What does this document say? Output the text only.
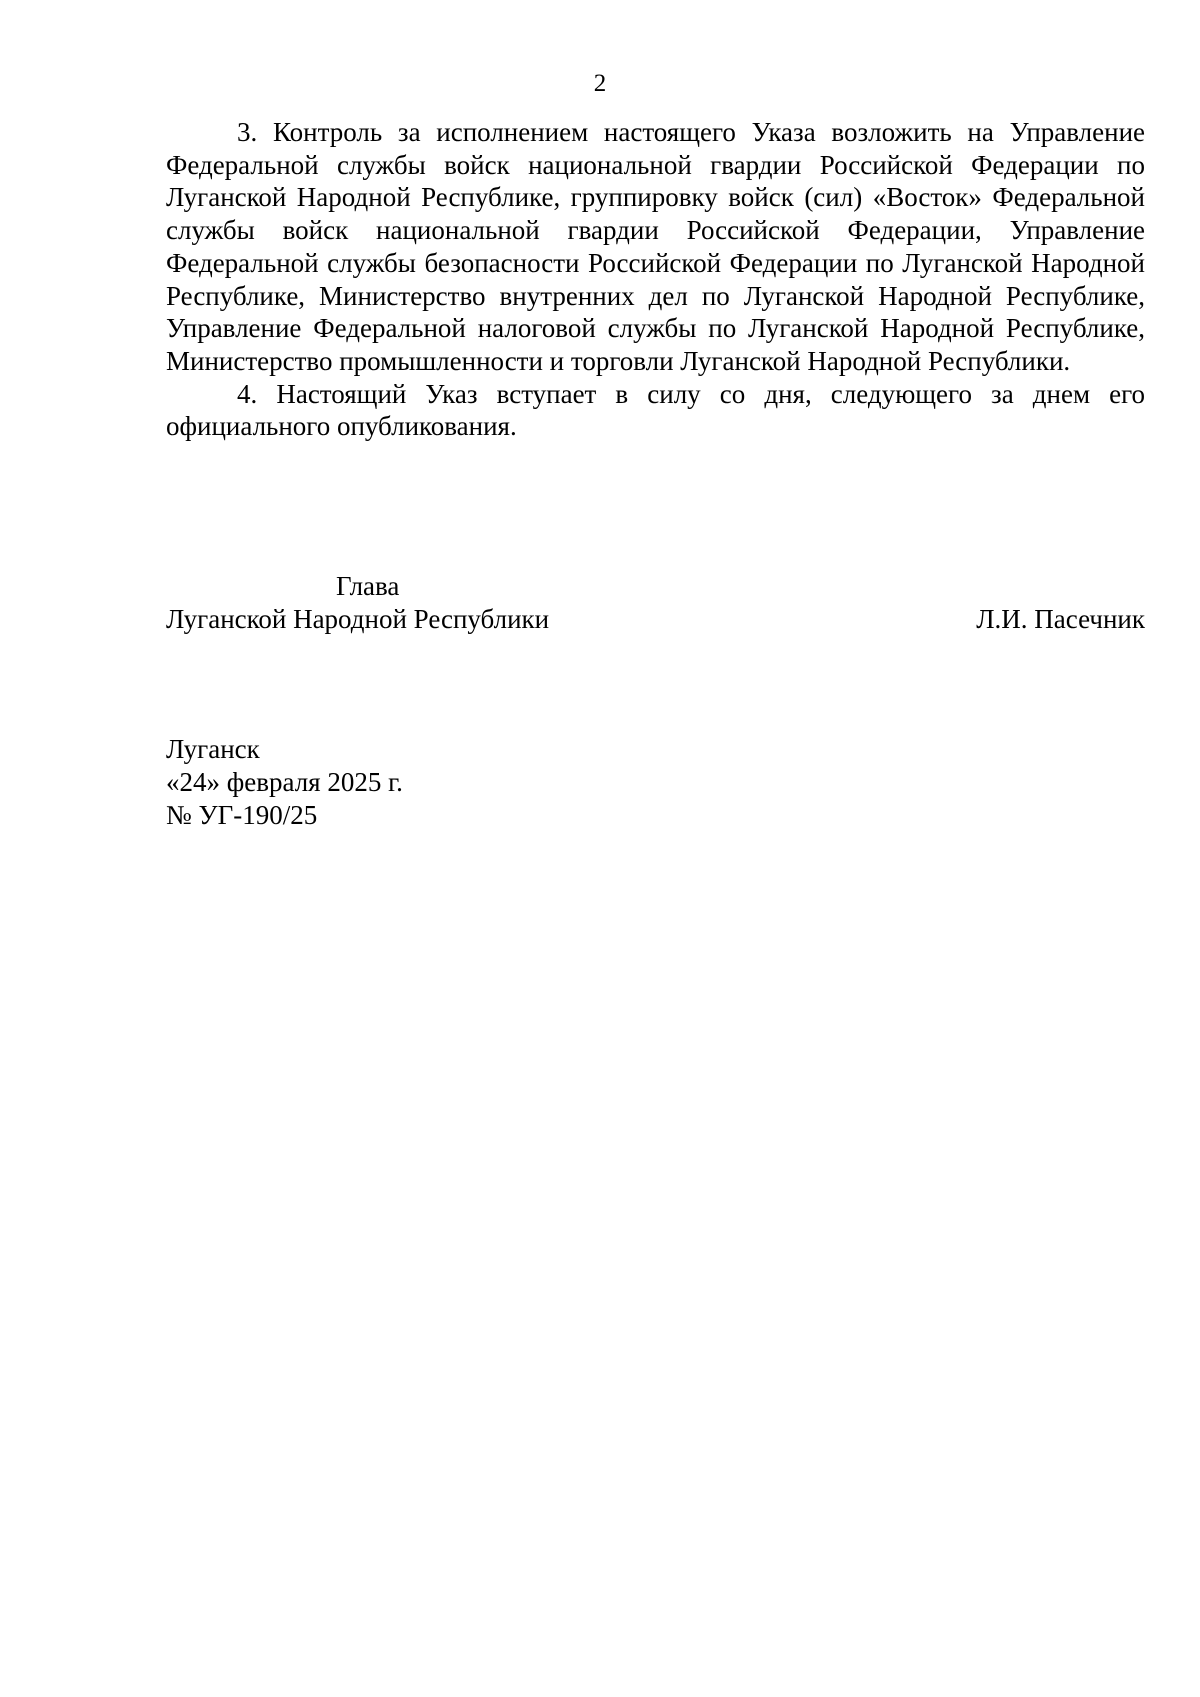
2

3. Контроль за исполнением настоящего Указа возложить на Управление Федеральной службы войск национальной гвардии Российской Федерации по Луганской Народной Республике, группировку войск (сил) «Восток» Федеральной службы войск национальной гвардии Российской Федерации, Управление Федеральной службы безопасности Российской Федерации по Луганской Народной Республике, Министерство внутренних дел по Луганской Народной Республике, Управление Федеральной налоговой службы по Луганской Народной Республике, Министерство промышленности и торговли Луганской Народной Республики.

4. Настоящий Указ вступает в силу со дня, следующего за днем его официального опубликования.

Глава
Луганской Народной Республики	Л.И. Пасечник
Луганск
«24» февраля 2025 г.
№ УГ-190/25
